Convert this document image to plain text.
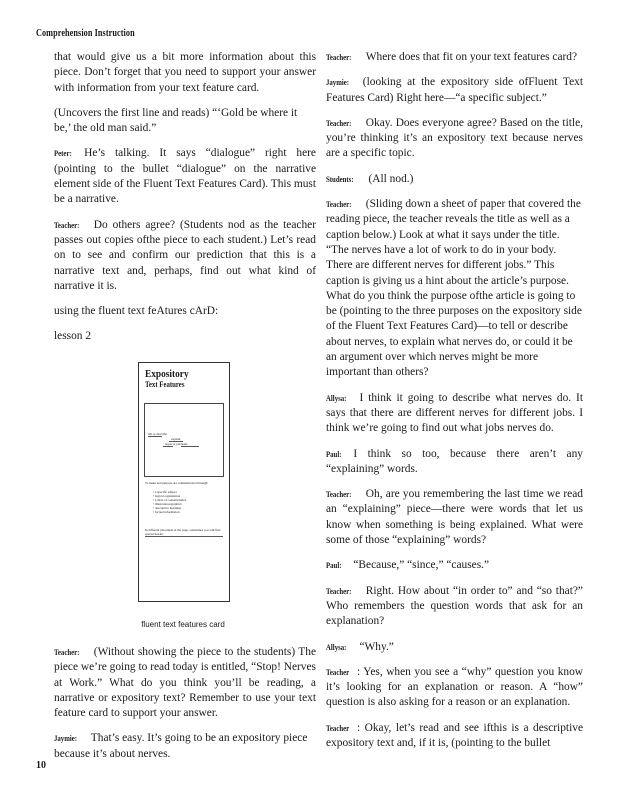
Comprehension Instruction

that would give us a bit more information about this piece. Don’t forget that you need to support your answer with information from your text feature card.

(Uncovers the first line and reads) “‘Gold be where it be,’ the old man said.”

Peter: He’s talking. It says “dialogue” right here (pointing to the bullet “dialogue” on the narrative element side of the Fluent Text Features Card). This must be a narrative.

Teacher: Do others agree? (Students nod as the teacher passes out copies ofthe piece to each student.) Let’s read on to see and confirm our prediction that this is a narrative text and, perhaps, find out what kind of narrative it is.

using the fluent text feAtures cArD:

lesson 2

Expository
Text Features
tell or describe
explain
argue or persuade
To make and purpose are communicated through:
• a specific subject
• logical organization
• a table of contents/index
• illustrations/graphics
• descriptive headings
• factual information
In different placement at the page, sometimes you will find special header
fluent text features card

Teacher: (Without showing the piece to the students) The piece we’re going to read today is entitled, “Stop! Nerves at Work.” What do you think you’ll be reading, a narrative or expository text? Remember to use your text feature card to support your answer.

Jaymie: That’s easy. It’s going to be an expository piece because it’s about nerves.

Teacher: Where does that fit on your text features card?

Jaymie: (looking at the expository side ofFluent Text Features Card) Right here—“a specific subject.”

Teacher: Okay. Does everyone agree? Based on the title, you’re thinking it’s an expository text because nerves are a specific topic.

Students: (All nod.)

Teacher: (Sliding down a sheet of paper that covered the reading piece, the teacher reveals the title as well as a caption below.) Look at what it says under the title. “The nerves have a lot of work to do in your body. There are different nerves for different jobs.” This caption is giving us a hint about the article’s purpose. What do you think the purpose ofthe article is going to be (pointing to the three purposes on the expository side of the Fluent Text Features Card)—to tell or describe about nerves, to explain what nerves do, or could it be an argument over which nerves might be more important than others?

Allysa: I think it going to describe what nerves do. It says that there are different nerves for different jobs. I think we’re going to find out what jobs nerves do.

Paul: I think so too, because there aren’t any “explaining” words.

Teacher: Oh, are you remembering the last time we read an “explaining” piece—there were words that let us know when something is being explained. What were some of those “explaining” words?

Paul: “Because,” “since,” “causes.”

Teacher: Right. How about “in order to” and “so that?” Who remembers the question words that ask for an explanation?

Allysa: “Why.”

Teacher : Yes, when you see a “why” question you know it’s looking for an explanation or reason. A “how” question is also asking for a reason or an explanation.

Teacher : Okay, let’s read and see ifthis is a descriptive expository text and, if it is, (pointing to the bullet

10
